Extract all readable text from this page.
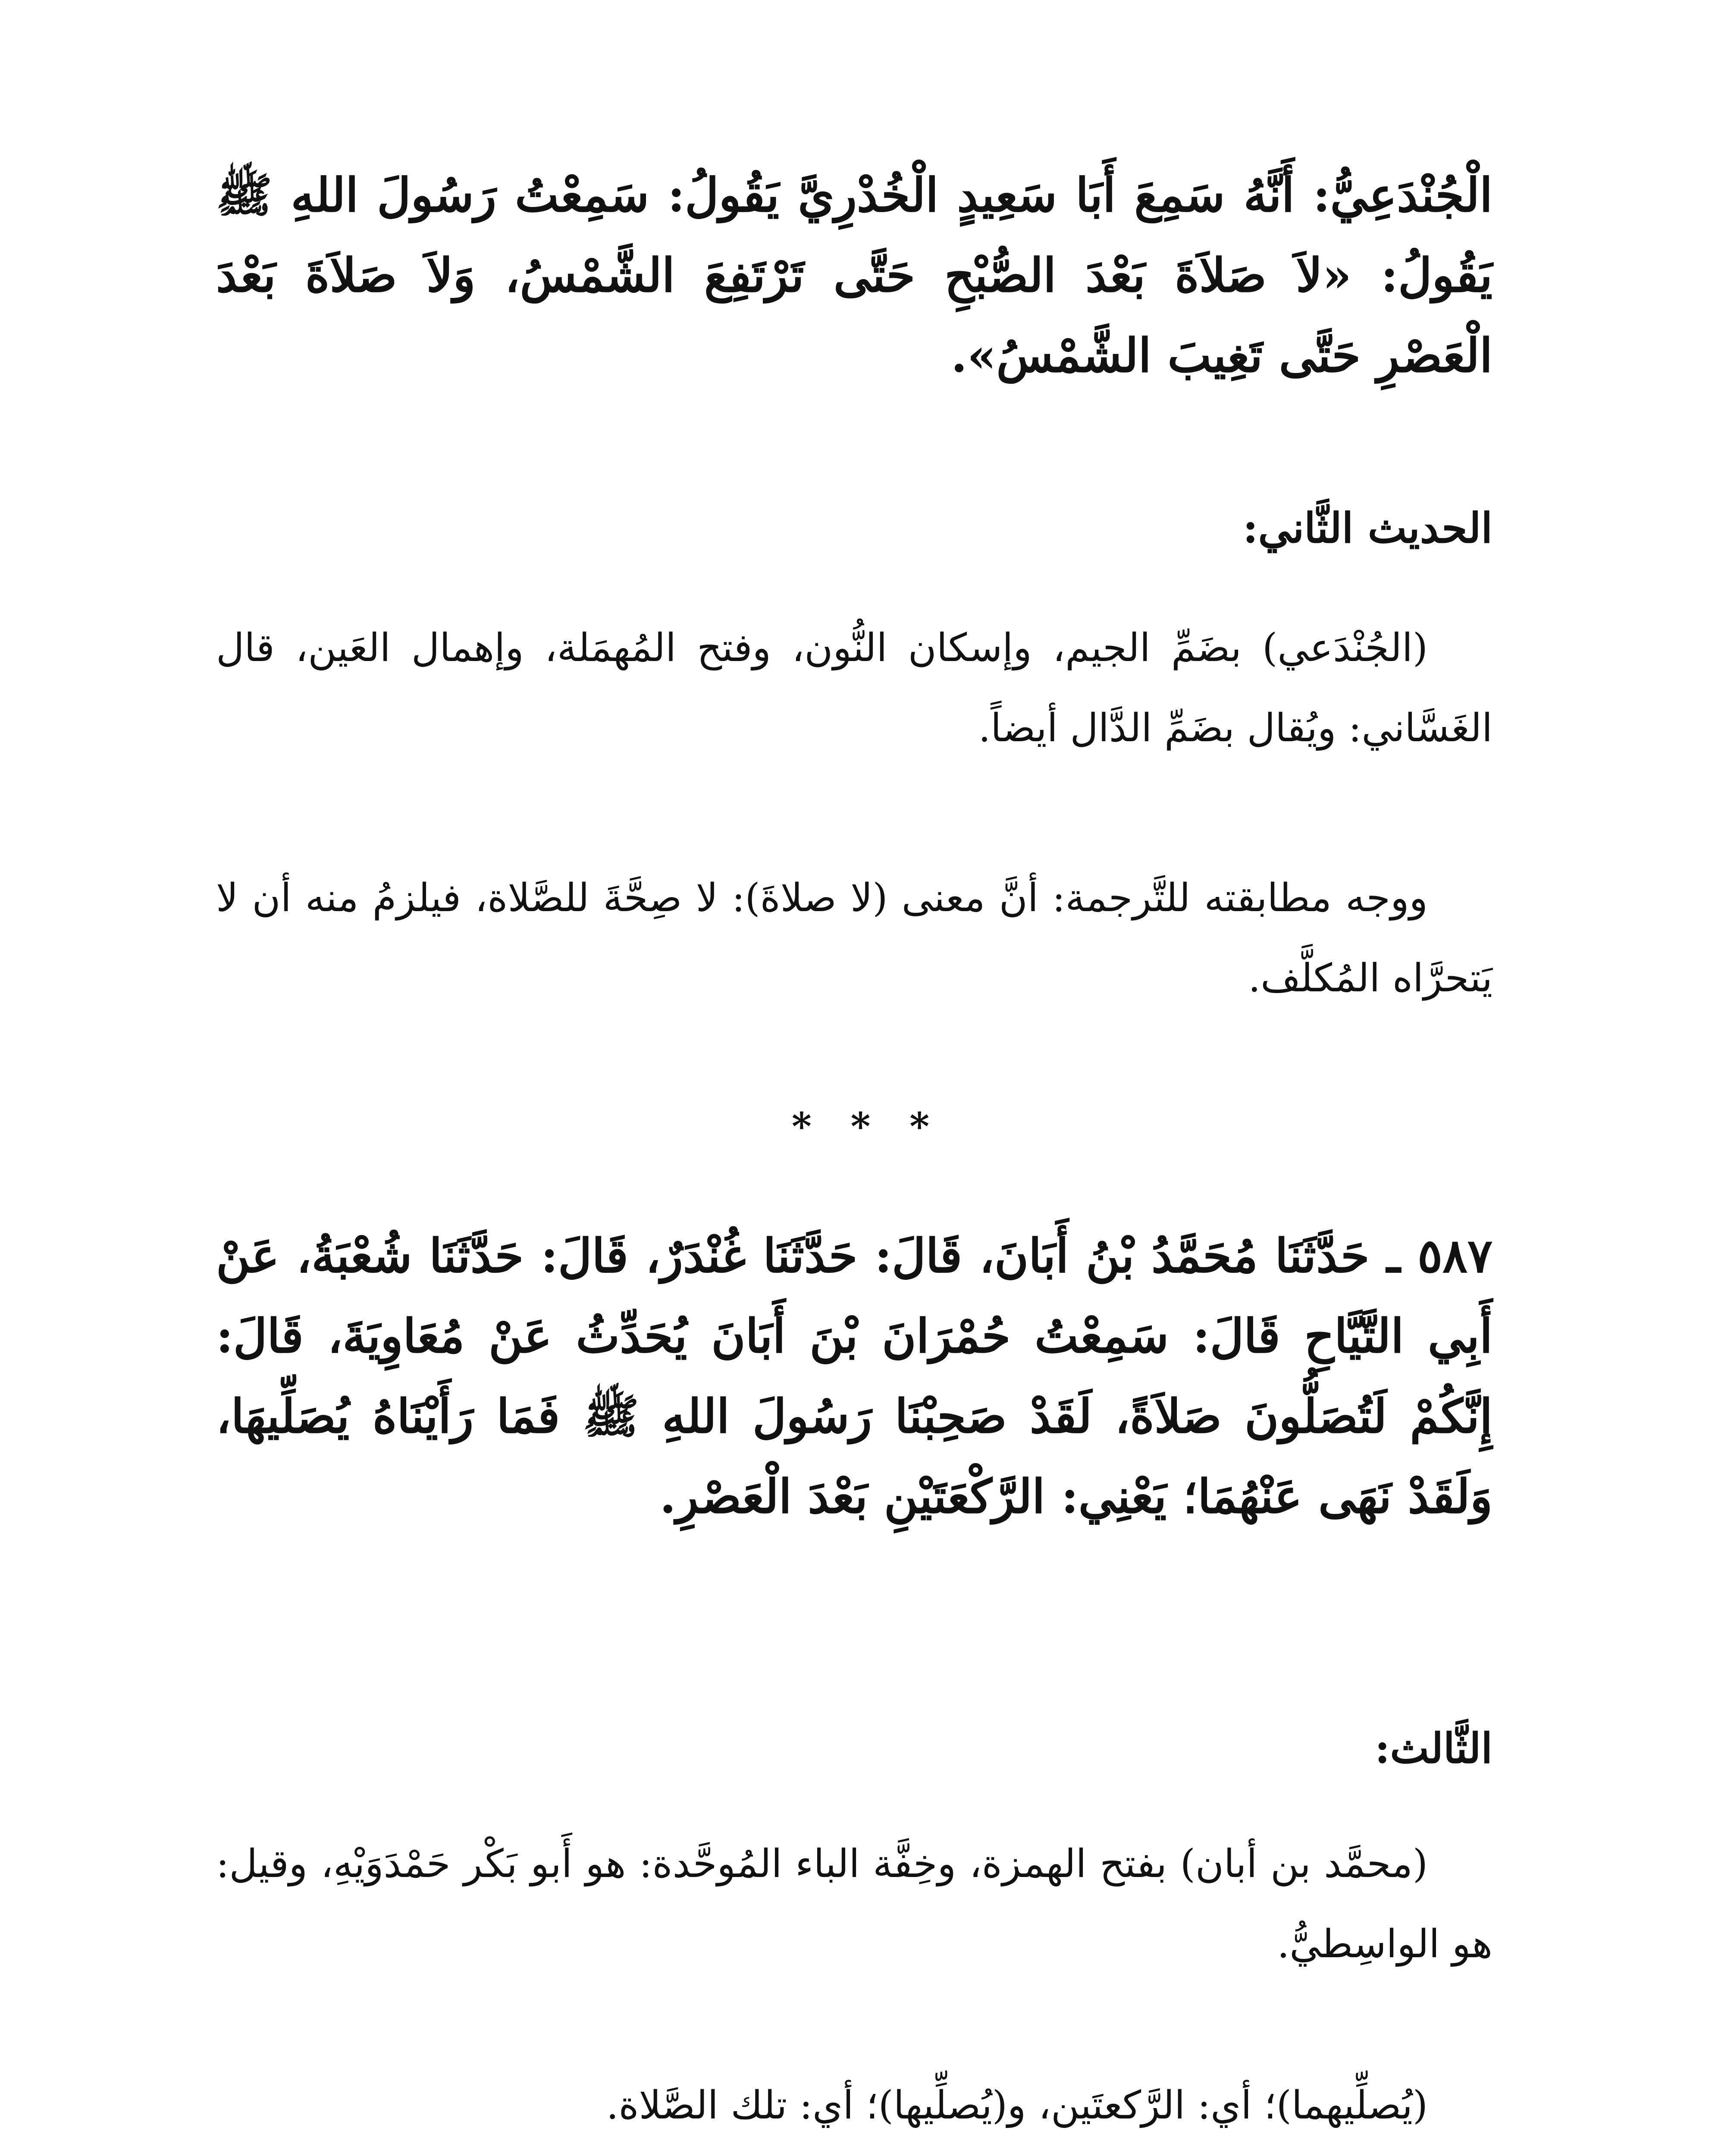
الْجُنْدَعِيُّ: أَنَّهُ سَمِعَ أَبَا سَعِيدٍ الْخُدْرِيَّ يَقُولُ: سَمِعْتُ رَسُولَ اللهِ ﷺ يَقُولُ: «لاَ صَلاَةَ بَعْدَ الصُّبْحِ حَتَّى تَرْتَفِعَ الشَّمْسُ، وَلاَ صَلاَةَ بَعْدَ الْعَصْرِ حَتَّى تَغِيبَ الشَّمْسُ».

الحديث الثَّاني:

(الجُنْدَعي) بضَمِّ الجيم، وإسكان النُّون، وفتح المُهمَلة، وإهمال العَين، قال الغَسَّاني: ويُقال بضَمِّ الدَّال أيضاً.

ووجه مطابقته للتَّرجمة: أنَّ معنى (لا صلاةَ): لا صِحَّةَ للصَّلاة، فيلزمُ منه أن لا يَتحرَّاه المُكلَّف.

* * *

٥٨٧ ـ حَدَّثَنَا مُحَمَّدُ بْنُ أَبَانَ، قَالَ: حَدَّثَنَا غُنْدَرٌ، قَالَ: حَدَّثَنَا شُعْبَةُ، عَنْ أَبِي التَّيَّاحِ قَالَ: سَمِعْتُ حُمْرَانَ بْنَ أَبَانَ يُحَدِّثُ عَنْ مُعَاوِيَةَ، قَالَ: إِنَّكُمْ لَتُصَلُّونَ صَلاَةً، لَقَدْ صَحِبْنَا رَسُولَ اللهِ ﷺ فَمَا رَأَيْنَاهُ يُصَلِّيهَا، وَلَقَدْ نَهَى عَنْهُمَا؛ يَعْنِي: الرَّكْعَتَيْنِ بَعْدَ الْعَصْرِ.

الثَّالث:

(محمَّد بن أبان) بفتح الهمزة، وخِفَّة الباء المُوحَّدة: هو أَبو بَكْر حَمْدَوَيْهِ، وقيل: هو الواسِطيُّ.

(يُصلِّيهما)؛ أي: الرَّكعتَين، و(يُصلِّيها)؛ أي: تلك الصَّلاة.
